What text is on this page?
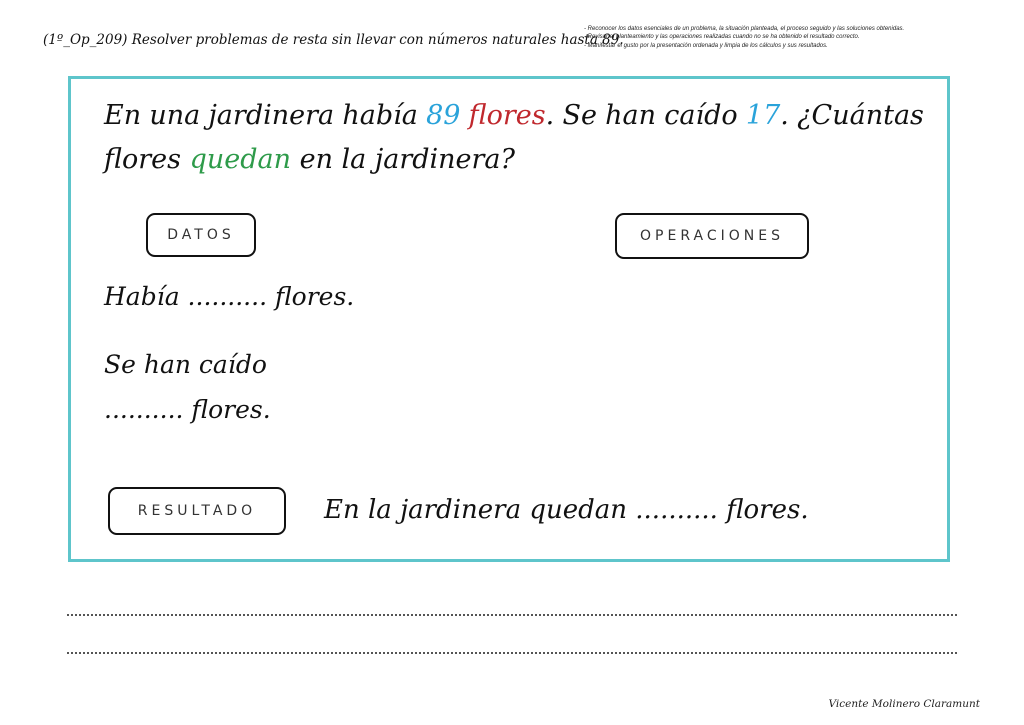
(1º_Op_209) Resolver problemas de resta sin llevar con números naturales hasta 89.
- Reconocer los datos esenciales de un problema, la situación planteada, el proceso seguido y las soluciones obtenidas.
- Revisar el planteamiento y las operaciones realizadas cuando no se ha obtenido el resultado correcto.
- Manifestar el gusto por la presentación ordenada y limpia de los cálculos y sus resultados.
En una jardinera había 89 flores. Se han caído 17. ¿Cuántas
flores quedan en la jardinera?
DATOS	OPERACIONES
Había .......... flores.
Se han caído
.......... flores.
RESULTADO	En la jardinera quedan .......... flores.
Vicente Molinero Claramunt
